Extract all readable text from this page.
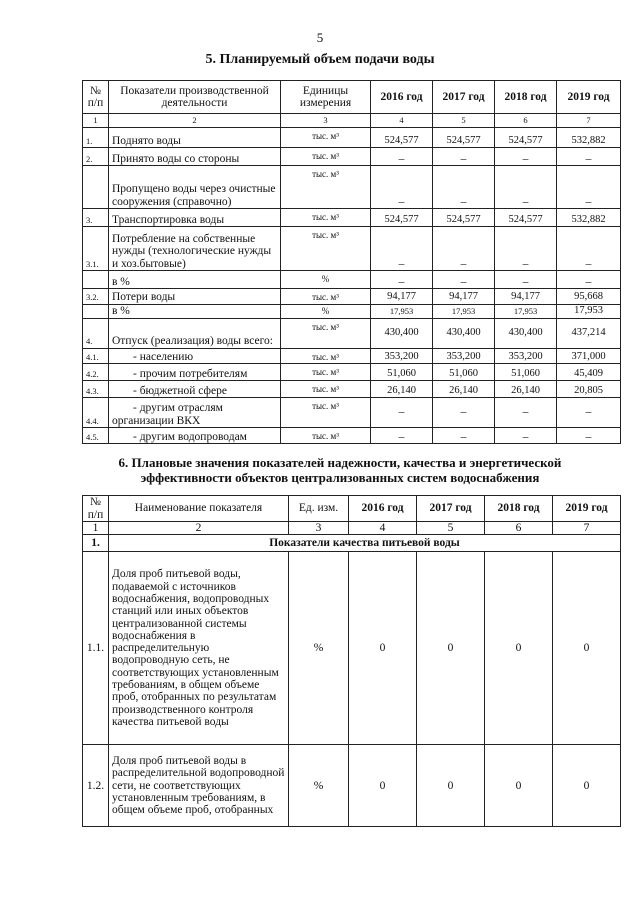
5
5. Планируемый объем подачи воды
№ п/п	Показатели производственной деятельности	Единицы измерения	2016 год	2017 год	2018 год	2019 год
1	2	3	4	5	6	7
1.	Поднято воды	тыс. м³	524,577	524,577	524,577	532,882
2.	Принято воды со стороны	тыс. м³	–	–	–	–
	Пропущено воды через очистные сооружения (справочно)	тыс. м³	–	–	–	–
3.	Транспортировка воды	тыс. м³	524,577	524,577	524,577	532,882
3.1.	Потребление на собственные нужды (технологические нужды и хоз.бытовые)	тыс. м³	–	–	–	–
	в %	%	–	–	–	–
3.2.	Потери воды	тыс. м³	94,177	94,177	94,177	95,668
	в %	%	17,953	17,953	17,953	17,953
4.	Отпуск (реализация) воды всего:	тыс. м³	430,400	430,400	430,400	437,214
4.1.	- населению	тыс. м³	353,200	353,200	353,200	371,000
4.2.	- прочим потребителям	тыс. м³	51,060	51,060	51,060	45,409
4.3.	- бюджетной сфере	тыс. м³	26,140	26,140	26,140	20,805
4.4.	- другим отраслям
организации ВКХ	тыс. м³	–	–	–	–
4.5.	- другим водопроводам	тыс. м³	–	–	–	–
6. Плановые значения показателей надежности, качества и энергетической
эффективности объектов централизованных систем водоснабжения
№ п/п	Наименование показателя	Ед. изм.	2016 год	2017 год	2018 год	2019 год
1	2	3	4	5	6	7
1.	Показатели качества питьевой воды					
1.1.	Доля проб питьевой воды, подаваемой с источников водоснабжения, водопроводных станций или иных объектов централизованной системы водоснабжения в распределительную водопроводную сеть, не соответствующих установленным требованиям, в общем объеме проб, отобранных по результатам производственного контроля качества питьевой воды	%	0	0	0	0
1.2.	Доля проб питьевой воды в распределительной водопроводной сети, не соответствующих установленным требованиям, в общем объеме проб, отобранных	%	0	0	0	0
